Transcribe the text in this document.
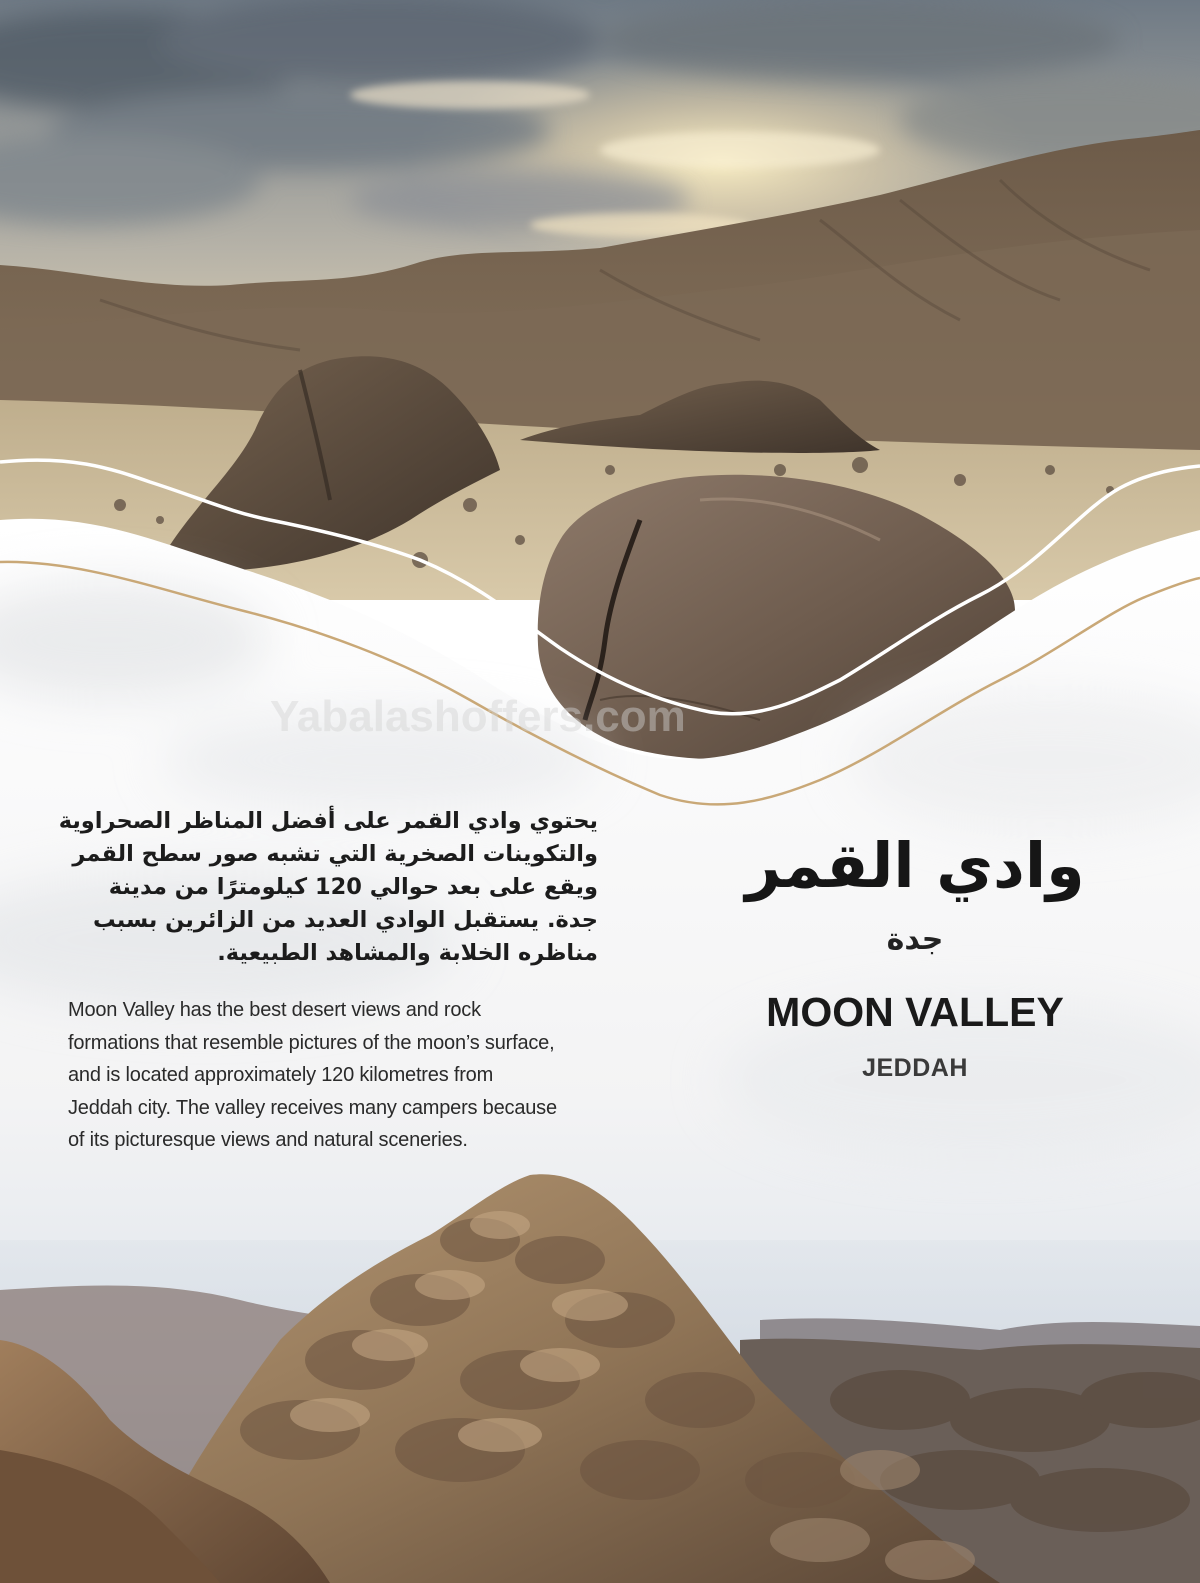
Yabalashoffers.com

يحتوي وادي القمر على أفضل المناظر الصحراوية والتكوينات الصخرية التي تشبه صور سطح القمر ويقع على بعد حوالي 120 كيلومترًا من مدينة جدة. يستقبل الوادي العديد من الزائرين بسبب مناظره الخلابة والمشاهد الطبيعية.

Moon Valley has the best desert views and rock formations that resemble pictures of the moon’s surface, and is located approximately 120 kilometres from Jeddah city. The valley receives many campers because of its picturesque views and natural sceneries.

وادي القمر
جدة
MOON VALLEY
JEDDAH
